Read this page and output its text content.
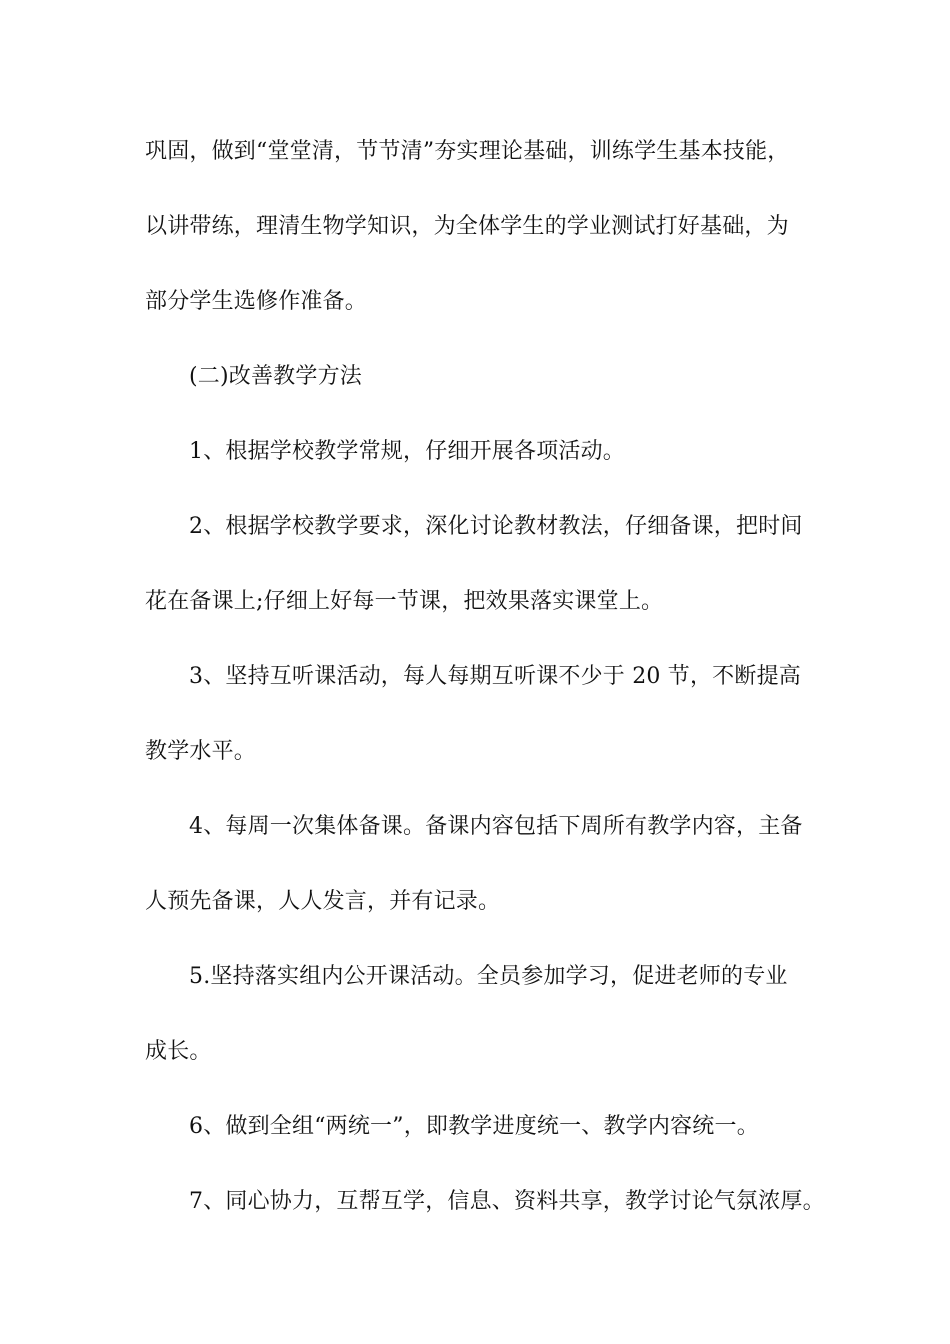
巩固，做到“堂堂清，节节清”夯实理论基础，训练学生基本技能，
以讲带练，理清生物学知识，为全体学生的学业测试打好基础，为
部分学生选修作准备。
(二)改善教学方法
1、根据学校教学常规，仔细开展各项活动。
2、根据学校教学要求，深化讨论教材教法，仔细备课，把时间
花在备课上;仔细上好每一节课，把效果落实课堂上。
3、坚持互听课活动，每人每期互听课不少于 20 节，不断提高
教学水平。
4、每周一次集体备课。备课内容包括下周所有教学内容，主备
人预先备课，人人发言，并有记录。
5.坚持落实组内公开课活动。全员参加学习，促进老师的专业
成长。
6、做到全组“两统一”，即教学进度统一、教学内容统一。
7、同心协力，互帮互学，信息、资料共享，教学讨论气氛浓厚。
